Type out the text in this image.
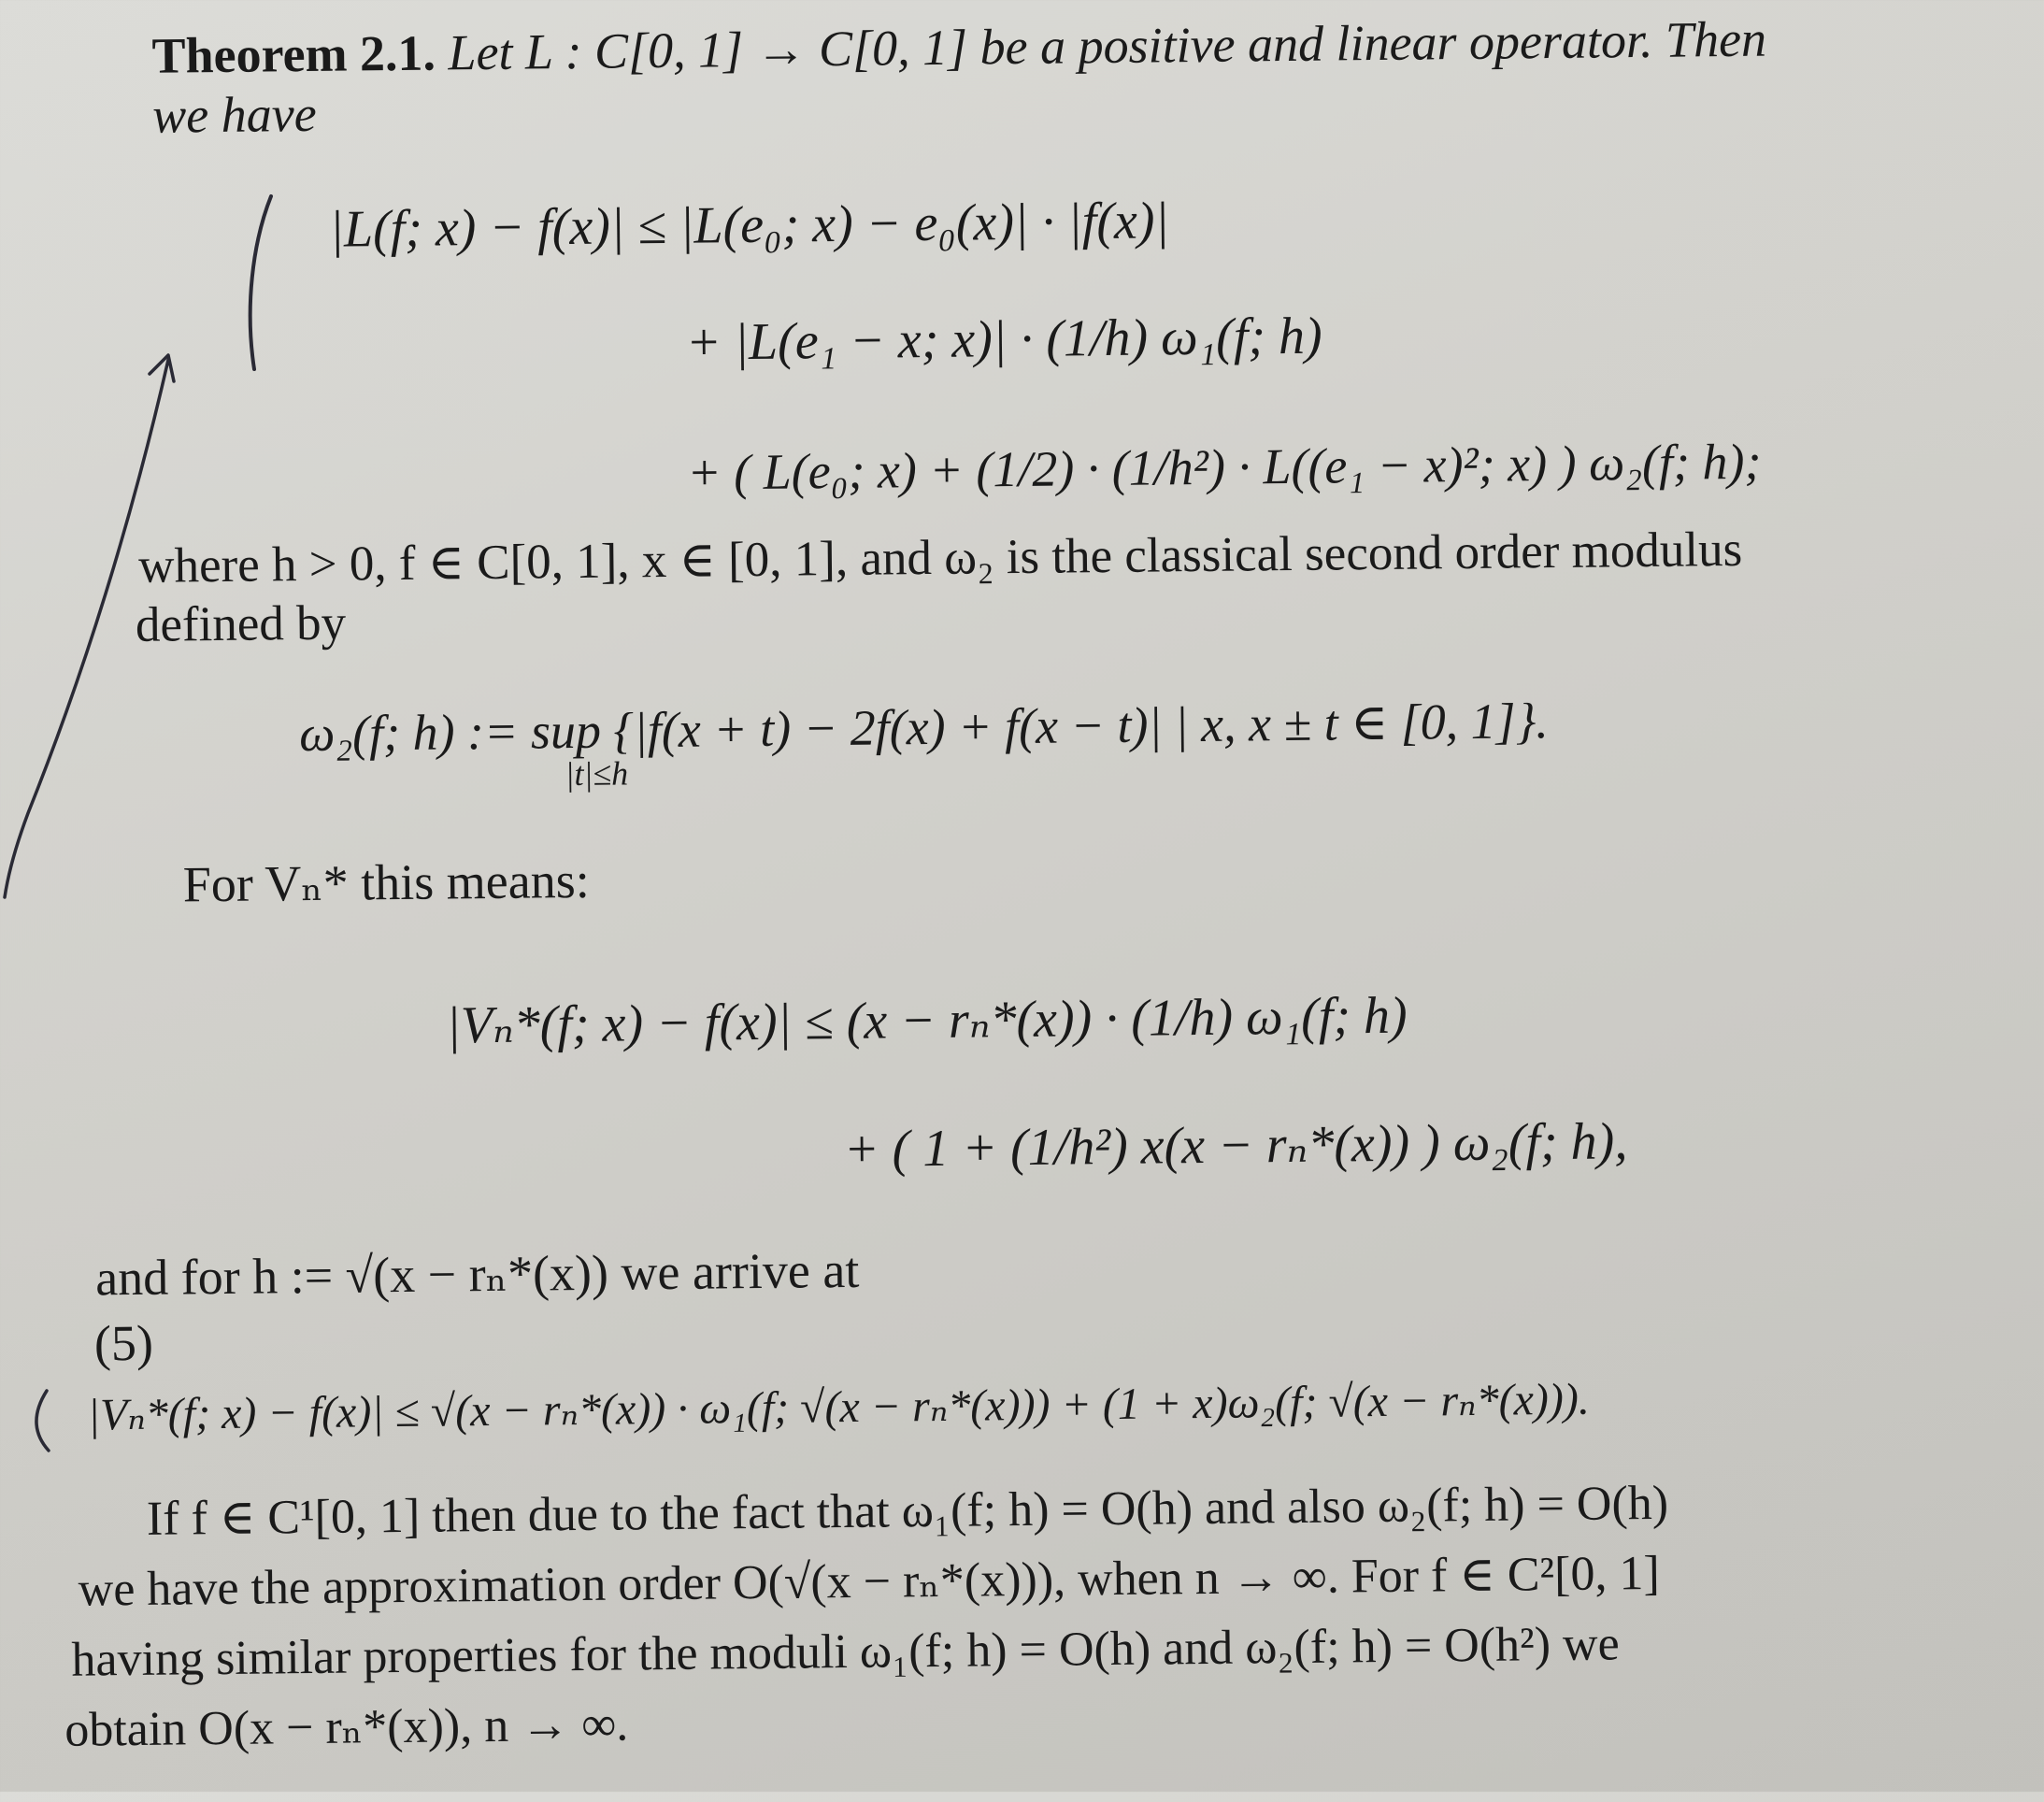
Theorem 2.1. Let L : C[0, 1] → C[0, 1] be a positive and linear operator. Then
we have
|L(f; x) − f(x)| ≤ |L(e₀; x) − e₀(x)| · |f(x)|
+ |L(e₁ − x; x)| · (1/h) ω₁(f; h)
+ ( L(e₀; x) + (1/2) · (1/h²) · L((e₁ − x)²; x) ) ω₂(f; h);
where h > 0, f ∈ C[0, 1], x ∈ [0, 1], and ω₂ is the classical second order modulus
defined by
ω₂(f; h) := sup {|f(x + t) − 2f(x) + f(x − t)| | x, x ± t ∈ [0, 1]}.
|t|≤h
For Vₙ* this means:
|Vₙ*(f; x) − f(x)| ≤ (x − rₙ*(x)) · (1/h) ω₁(f; h)
+ ( 1 + (1/h²) x(x − rₙ*(x)) ) ω₂(f; h),
and for h := √(x − rₙ*(x)) we arrive at
(5)
|Vₙ*(f; x) − f(x)| ≤ √(x − rₙ*(x)) · ω₁(f; √(x − rₙ*(x))) + (1 + x)ω₂(f; √(x − rₙ*(x))).
If f ∈ C¹[0, 1] then due to the fact that ω₁(f; h) = O(h) and also ω₂(f; h) = O(h)
we have the approximation order O(√(x − rₙ*(x))), when n → ∞. For f ∈ C²[0, 1]
having similar properties for the moduli ω₁(f; h) = O(h) and ω₂(f; h) = O(h²) we
obtain O(x − rₙ*(x)), n → ∞.
